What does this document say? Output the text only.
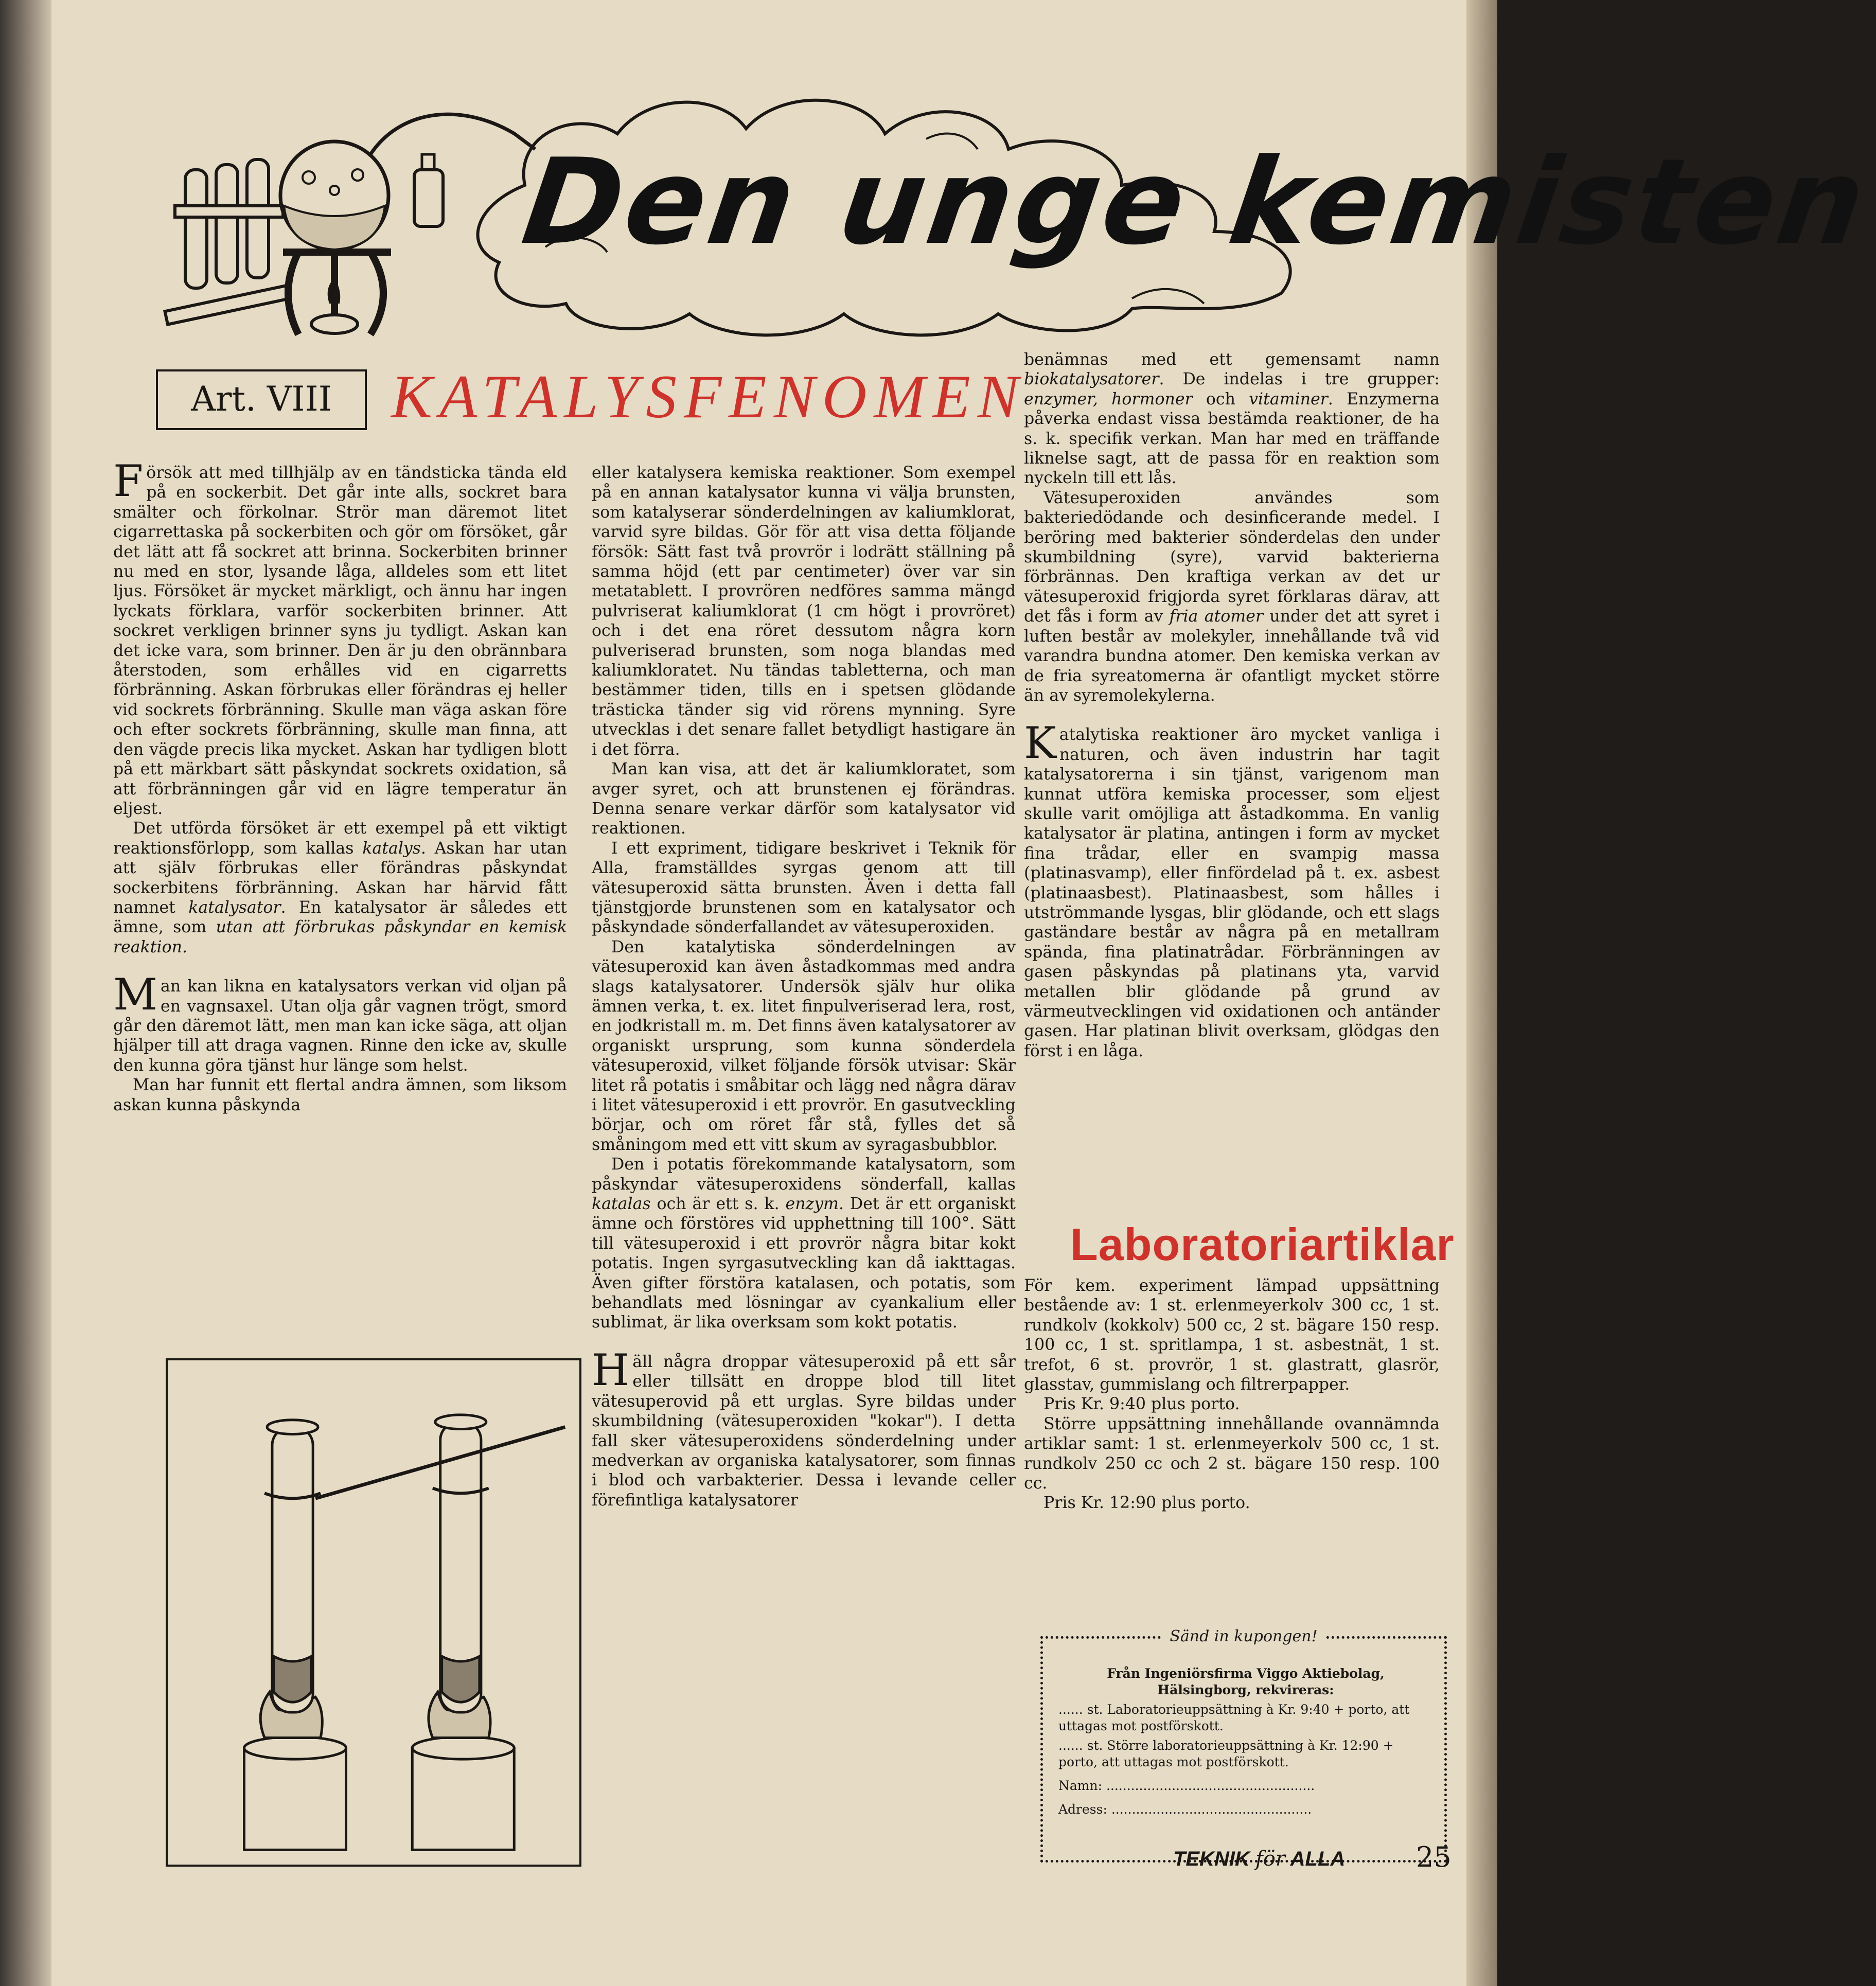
Den unge kemisten
Art. VIII KATALYSFENOMEN

Försök att med tillhjälp av en tändsticka tända eld på en sockerbit. Det går inte alls, sockret bara smälter och förkolnar. Strör man däremot litet cigarrettaska på sockerbiten och gör om försöket, går det lätt att få sockret att brinna. Sockerbiten brinner nu med en stor, lysande låga, alldeles som ett litet ljus. Försöket är mycket märkligt, och ännu har ingen lyckats förklara, varför sockerbiten brinner. Att sockret verkligen brinner syns ju tydligt. Askan kan det icke vara, som brinner. Den är ju den obrännbara återstoden, som erhålles vid en cigarretts förbränning. Askan förbrukas eller förändras ej heller vid sockrets förbränning. Skulle man väga askan före och efter sockrets förbränning, skulle man finna, att den vägde precis lika mycket. Askan har tydligen blott på ett märkbart sätt påskyndat sockrets oxidation, så att förbränningen går vid en lägre temperatur än eljest.

Det utförda försöket är ett exempel på ett viktigt reaktionsförlopp, som kallas katalys. Askan har utan att själv förbrukas eller förändras påskyndat sockerbitens förbränning. Askan har härvid fått namnet katalysator. En katalysator är således ett ämne, som utan att förbrukas påskyndar en kemisk reaktion.

Man kan likna en katalysators verkan vid oljan på en vagnsaxel. Utan olja går vagnen trögt, smord går den däremot lätt, men man kan icke säga, att oljan hjälper till att draga vagnen. Rinne den icke av, skulle den kunna göra tjänst hur länge som helst.

Man har funnit ett flertal andra ämnen, som liksom askan kunna påskynda

eller katalysera kemiska reaktioner. Som exempel på en annan katalysator kunna vi välja brunsten, som katalyserar sönderdelningen av kaliumklorat, varvid syre bildas. Gör för att visa detta följande försök: Sätt fast två provrör i lodrätt ställning på samma höjd (ett par centimeter) över var sin metatablett. I provrören nedföres samma mängd pulvriserat kaliumklorat (1 cm högt i provröret) och i det ena röret dessutom några korn pulveriserad brunsten, som noga blandas med kaliumkloratet. Nu tändas tabletterna, och man bestämmer tiden, tills en i spetsen glödande trästicka tänder sig vid rörens mynning. Syre utvecklas i det senare fallet betydligt hastigare än i det förra.

Man kan visa, att det är kaliumkloratet, som avger syret, och att brunstenen ej förändras. Denna senare verkar därför som katalysator vid reaktionen.

I ett expriment, tidigare beskrivet i Teknik för Alla, framställdes syrgas genom att till vätesuperoxid sätta brunsten. Även i detta fall tjänstgjorde brunstenen som en katalysator och påskyndade sönderfallandet av vätesuperoxiden.

Den katalytiska sönderdelningen av vätesuperoxid kan även åstadkommas med andra slags katalysatorer. Undersök själv hur olika ämnen verka, t. ex. litet finpulveriserad lera, rost, en jodkristall m. m. Det finns även katalysatorer av organiskt ursprung, som kunna sönderdela vätesuperoxid, vilket följande försök utvisar: Skär litet rå potatis i småbitar och lägg ned några därav i litet vätesuperoxid i ett provrör. En gasutveckling börjar, och om röret får stå, fylles det så småningom med ett vitt skum av syragasbubblor.

Den i potatis förekommande katalysatorn, som påskyndar vätesuperoxidens sönderfall, kallas katalas och är ett s. k. enzym. Det är ett organiskt ämne och förstöres vid upphettning till 100°. Sätt till vätesuperoxid i ett provrör några bitar kokt potatis. Ingen syrgasutveckling kan då iakttagas. Även gifter förstöra katalasen, och potatis, som behandlats med lösningar av cyankalium eller sublimat, är lika overksam som kokt potatis.

Häll några droppar vätesuperoxid på ett sår eller tillsätt en droppe blod till litet vätesuperovid på ett urglas. Syre bildas under skumbildning (vätesuperoxiden "kokar"). I detta fall sker vätesuperoxidens sönderdelning under medverkan av organiska katalysatorer, som finnas i blod och varbakterier. Dessa i levande celler förefintliga katalysatorer

benämnas med ett gemensamt namn biokatalysatorer. De indelas i tre grupper: enzymer, hormoner och vitaminer. Enzymerna påverka endast vissa bestämda reaktioner, de ha s. k. specifik verkan. Man har med en träffande liknelse sagt, att de passa för en reaktion som nyckeln till ett lås.

Vätesuperoxiden användes som bakteriedödande och desinficerande medel. I beröring med bakterier sönderdelas den under skumbildning (syre), varvid bakterierna förbrännas. Den kraftiga verkan av det ur vätesuperoxid frigjorda syret förklaras därav, att det fås i form av fria atomer under det att syret i luften består av molekyler, innehållande två vid varandra bundna atomer. Den kemiska verkan av de fria syreatomerna är ofantligt mycket större än av syremolekylerna.

Katalytiska reaktioner äro mycket vanliga i naturen, och även industrin har tagit katalysatorerna i sin tjänst, varigenom man kunnat utföra kemiska processer, som eljest skulle varit omöjliga att åstadkomma. En vanlig katalysator är platina, antingen i form av mycket fina trådar, eller en svampig massa (platinasvamp), eller finfördelad på t. ex. asbest (platinaasbest). Platinaasbest, som hålles i utströmmande lysgas, blir glödande, och ett slags gaständare består av några på en metallram spända, fina platinatrådar. Förbränningen av gasen påskyndas på platinans yta, varvid metallen blir glödande på grund av värmeutvecklingen vid oxidationen och antänder gasen. Har platinan blivit overksam, glödgas den först i en låga.

Laboratoriartiklar

För kem. experiment lämpad uppsättning bestående av: 1 st. erlenmeyerkolv 300 cc, 1 st. rundkolv (kokkolv) 500 cc, 2 st. bägare 150 resp. 100 cc, 1 st. spritlampa, 1 st. asbestnät, 1 st. trefot, 6 st. provrör, 1 st. glastratt, glasrör, glasstav, gummislang och filtrerpapper.

Pris Kr. 9:40 plus porto.

Större uppsättning innehållande ovannämnda artiklar samt: 1 st. erlenmeyerkolv 500 cc, 1 st. rundkolv 250 cc och 2 st. bägare 150 resp. 100 cc.

Pris Kr. 12:90 plus porto.

Sänd in kupongen!

Från Ingeniörsfirma Viggo Aktiebolag, Hälsingborg, rekvireras:

...... st. Laboratorieuppsättning à Kr. 9:40 + porto, att uttagas mot postförskott.

...... st. Större laboratorieuppsättning à Kr. 12:90 + porto, att uttagas mot postförskott.

Namn: ...................................................

Adress: .................................................

TEKNIK för ALLA	25
